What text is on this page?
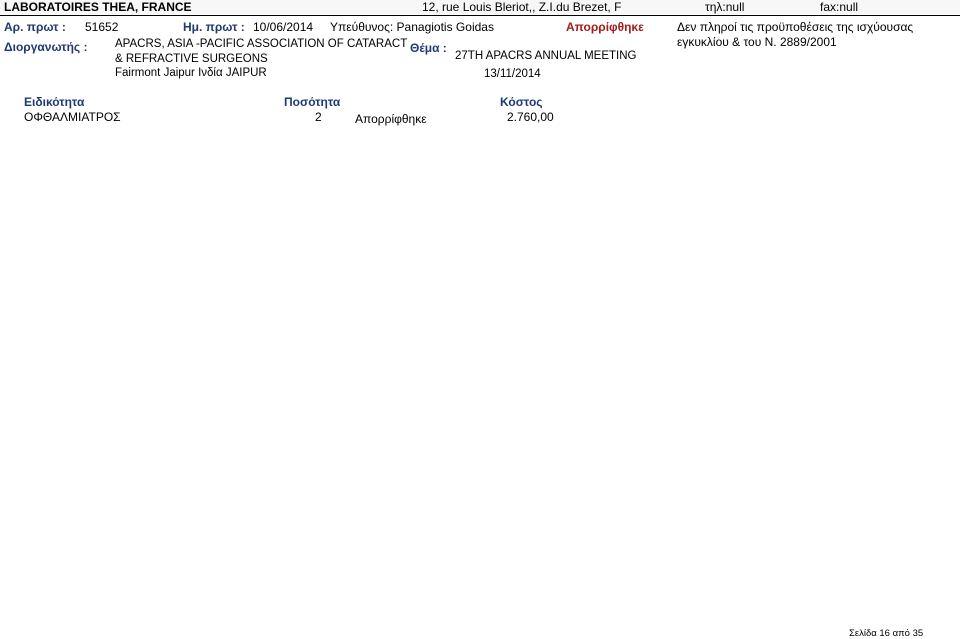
LABORATOIRES THEA, FRANCE	12, rue Louis Bleriot,, Z.I.du Brezet, F	τηλ:null	fax:null
Αρ. πρωτ : 51652	Ημ. πρωτ : 10/06/2014 Υπεύθυνος: Panagiotis Goidas	Απορρίφθηκε	Δεν πληροί τις προϋποθέσεις της ισχύουσας
εγκυκλίου & του Ν. 2889/2001
Διοργανωτής : APACRS, ASIA -PACIFIC ASSOCIATION OF CATARACT
& REFRACTIVE SURGEONS
Fairmont Jaipur Ινδία JAIPUR
Θέμα :
27TH APACRS ANNUAL MEETING
13/11/2014
Ειδικότητα	Ποσότητα	Κόστος
ΟΦΘΑΛΜΙΑΤΡΟΣ	2	Απορρίφθηκε	2.760,00
Σελίδα 16 από 35
